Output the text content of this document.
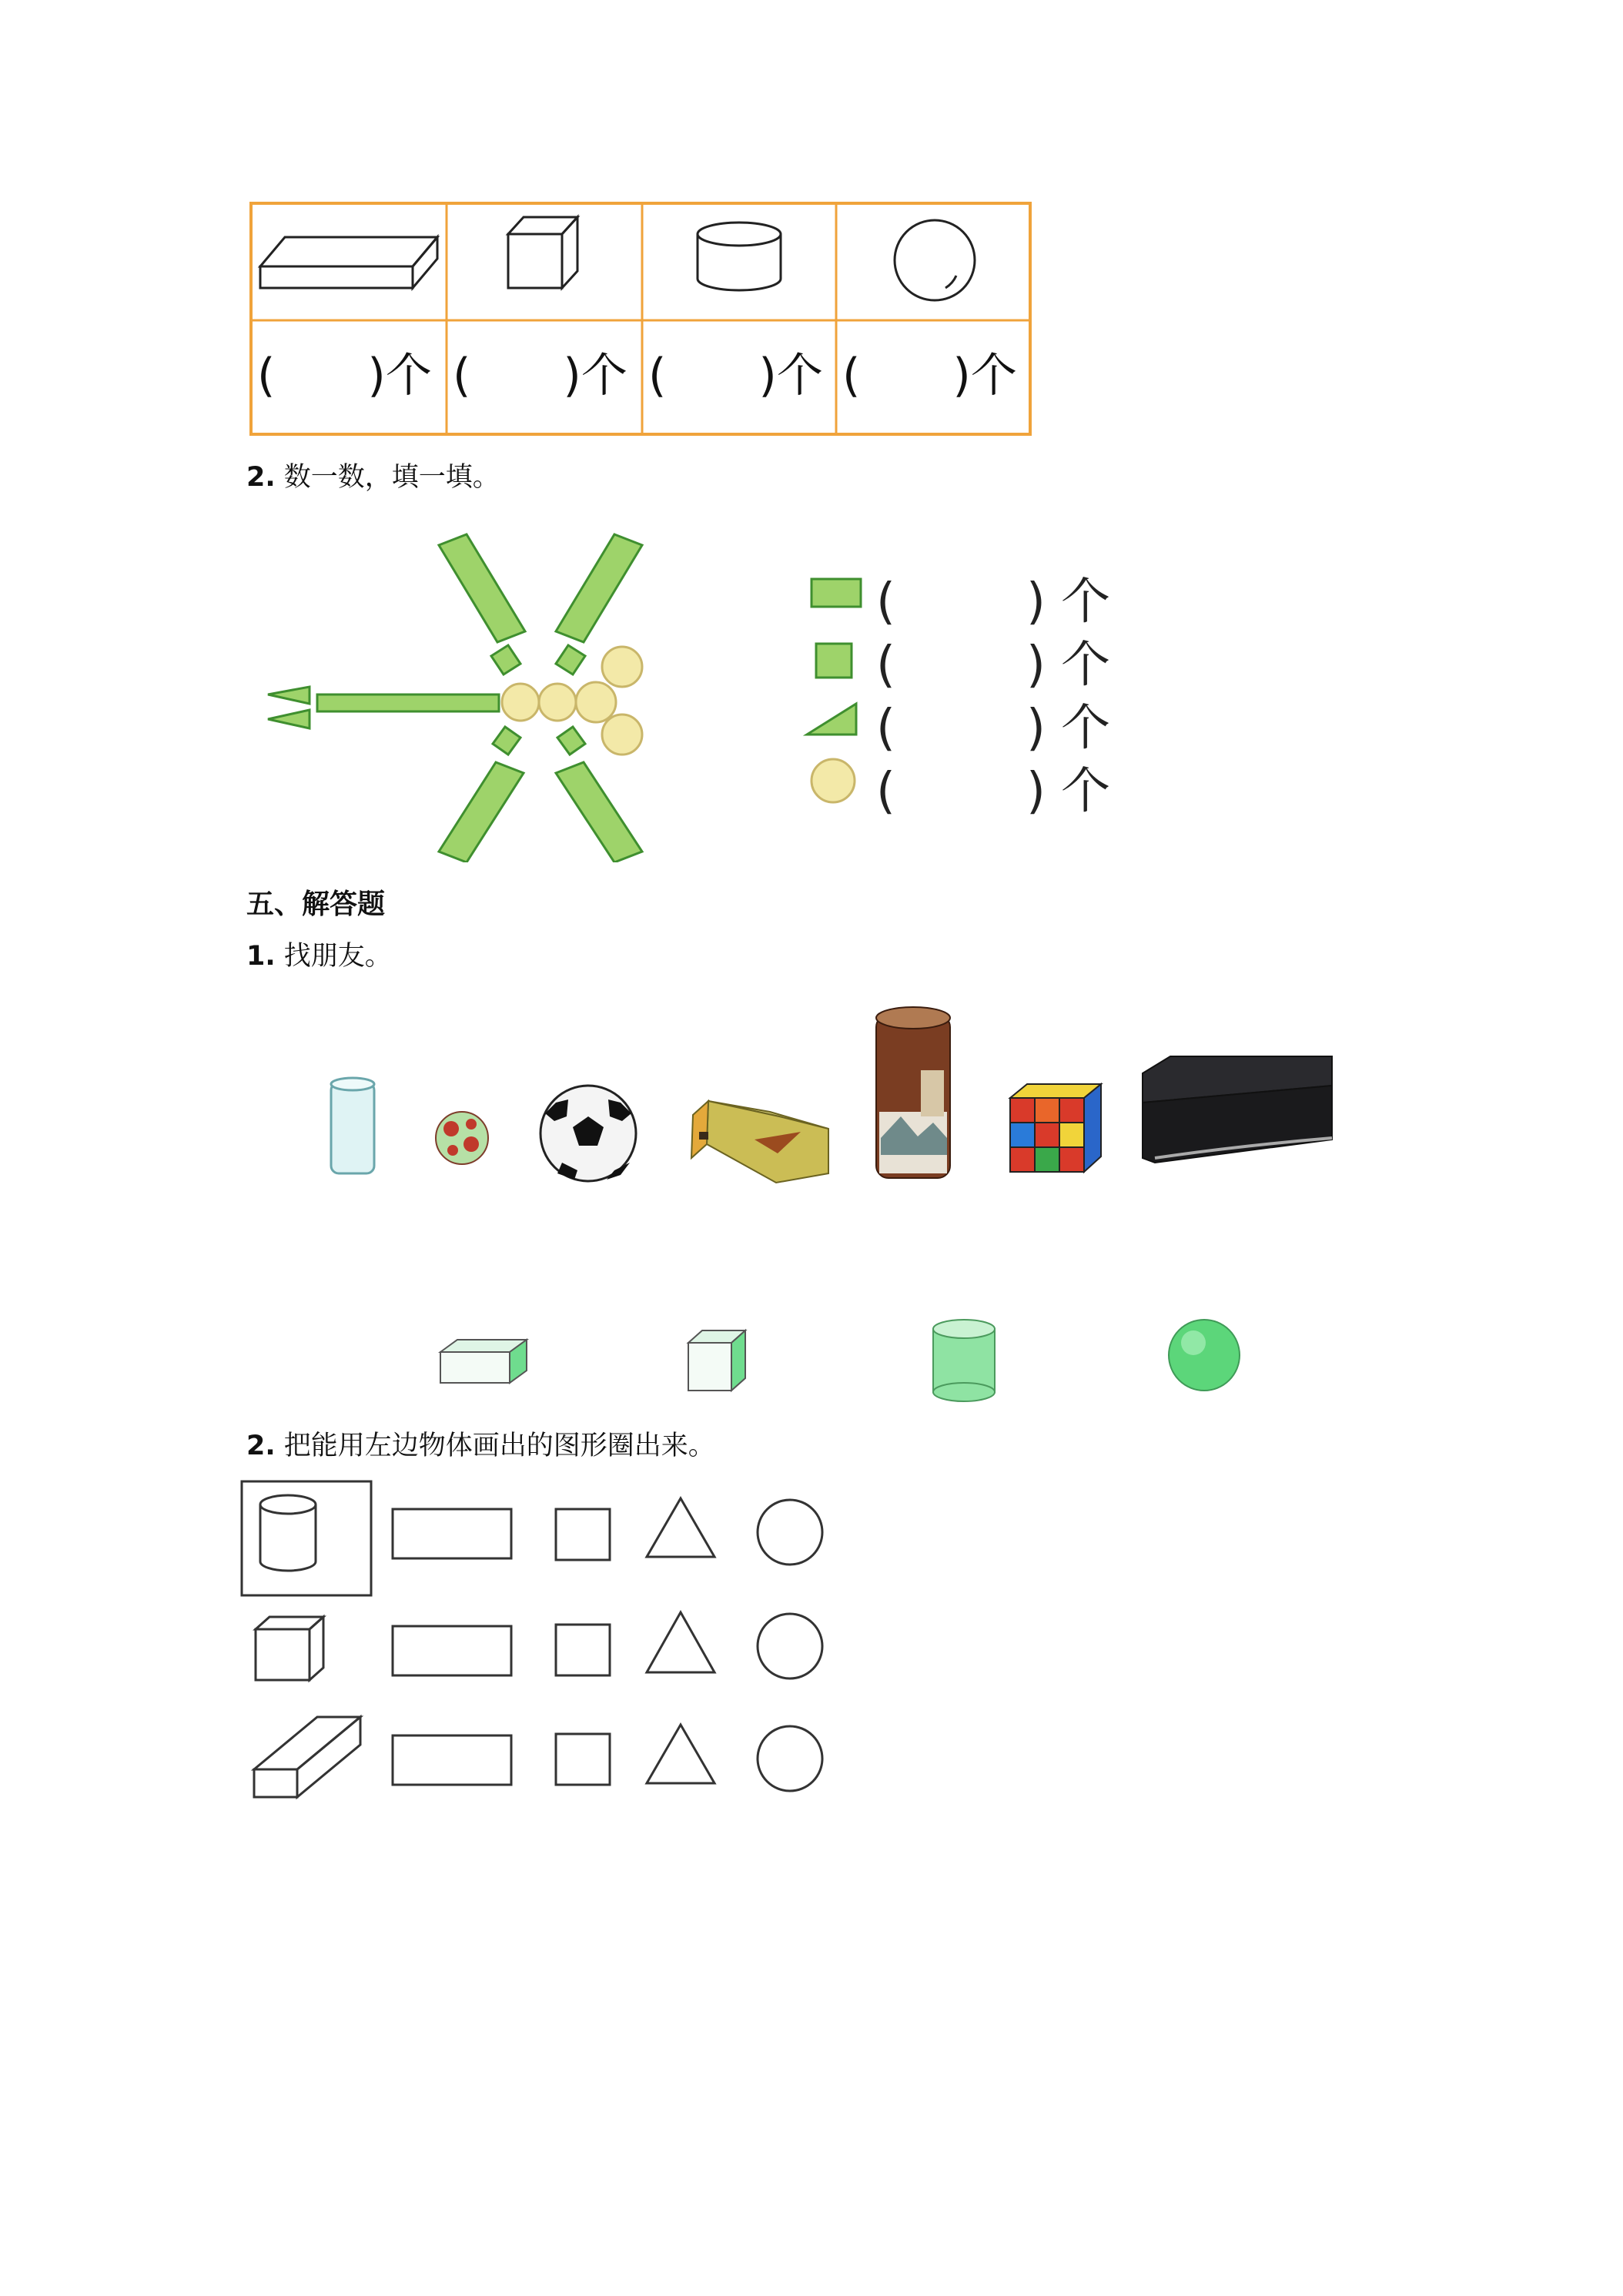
( )个 ( )个 ( )个 ( )个
2. 数一数，填一填。
(	) 个
(	) 个
(	) 个
(	) 个
五、解答题
1. 找朋友。
2. 把能用左边物体画出的图形圈出来。
